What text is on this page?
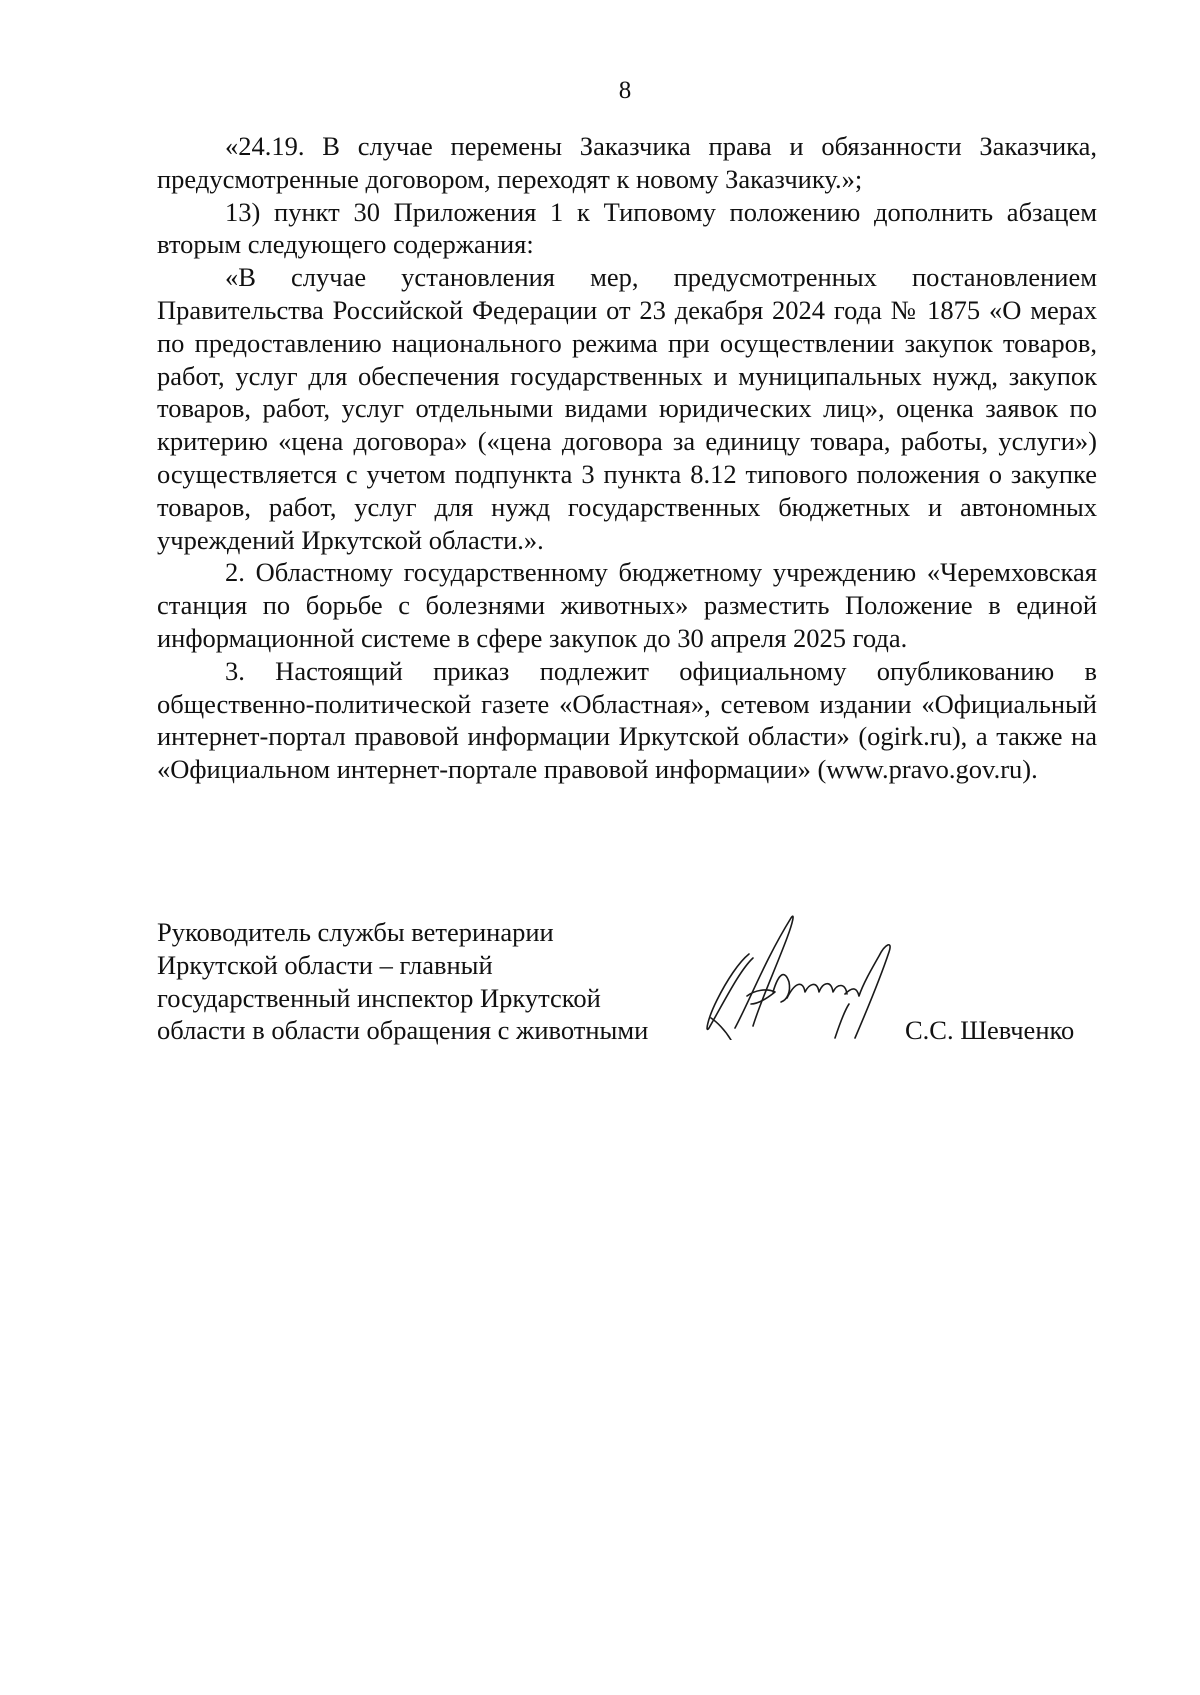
8

«24.19. В случае перемены Заказчика права и обязанности Заказчика, предусмотренные договором, переходят к новому Заказчику.»;

13) пункт 30 Приложения 1 к Типовому положению дополнить абзацем вторым следующего содержания:

«В случае установления мер, предусмотренных постановлением Правительства Российской Федерации от 23 декабря 2024 года № 1875 «О мерах по предоставлению национального режима при осуществлении закупок товаров, работ, услуг для обеспечения государственных и муниципальных нужд, закупок товаров, работ, услуг отдельными видами юридических лиц», оценка заявок по критерию «цена договора» («цена договора за единицу товара, работы, услуги») осуществляется с учетом подпункта 3 пункта 8.12 типового положения о закупке товаров, работ, услуг для нужд государственных бюджетных и автономных учреждений Иркутской области.».

2. Областному государственному бюджетному учреждению «Черемховская станция по борьбе с болезнями животных» разместить Положение в единой информационной системе в сфере закупок до 30 апреля 2025 года.

3. Настоящий приказ подлежит официальному опубликованию в общественно-политической газете «Областная», сетевом издании «Официальный интернет-портал правовой информации Иркутской области» (ogirk.ru), а также на «Официальном интернет-портале правовой информации» (www.pravo.gov.ru).

Руководитель службы ветеринарии
Иркутской области – главный
государственный инспектор Иркутской
области в области обращения с животными	С.С. Шевченко
